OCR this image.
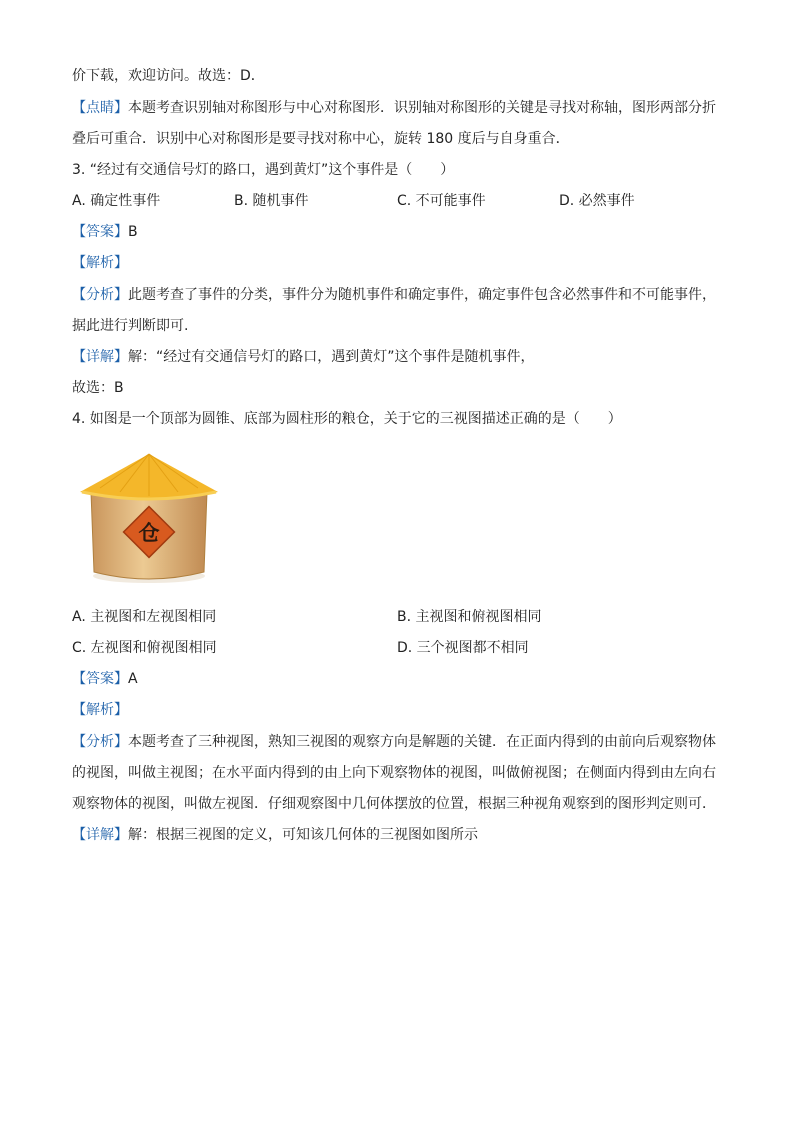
价下载，欢迎访问。故选：D．
【点睛】本题考查识别轴对称图形与中心对称图形．识别轴对称图形的关键是寻找对称轴，图形两部分折
叠后可重合．识别中心对称图形是要寻找对称中心，旋转 180 度后与自身重合．
3. “经过有交通信号灯的路口，遇到黄灯”这个事件是（　　）
A. 确定性事件	B. 随机事件	C. 不可能事件	D. 必然事件
【答案】B
【解析】
【分析】此题考查了事件的分类，事件分为随机事件和确定事件，确定事件包含必然事件和不可能事件，
据此进行判断即可.
【详解】解：“经过有交通信号灯的路口，遇到黄灯”这个事件是随机事件，
故选：B
4. 如图是一个顶部为圆锥、底部为圆柱形的粮仓，关于它的三视图描述正确的是（　　）
仓
A. 主视图和左视图相同	B. 主视图和俯视图相同
C. 左视图和俯视图相同	D. 三个视图都不相同
【答案】A
【解析】
【分析】本题考查了三种视图，熟知三视图的观察方向是解题的关键．在正面内得到的由前向后观察物体
的视图，叫做主视图；在水平面内得到的由上向下观察物体的视图，叫做俯视图；在侧面内得到由左向右
观察物体的视图，叫做左视图．仔细观察图中几何体摆放的位置，根据三种视角观察到的图形判定则可．
【详解】解：根据三视图的定义，可知该几何体的三视图如图所示
